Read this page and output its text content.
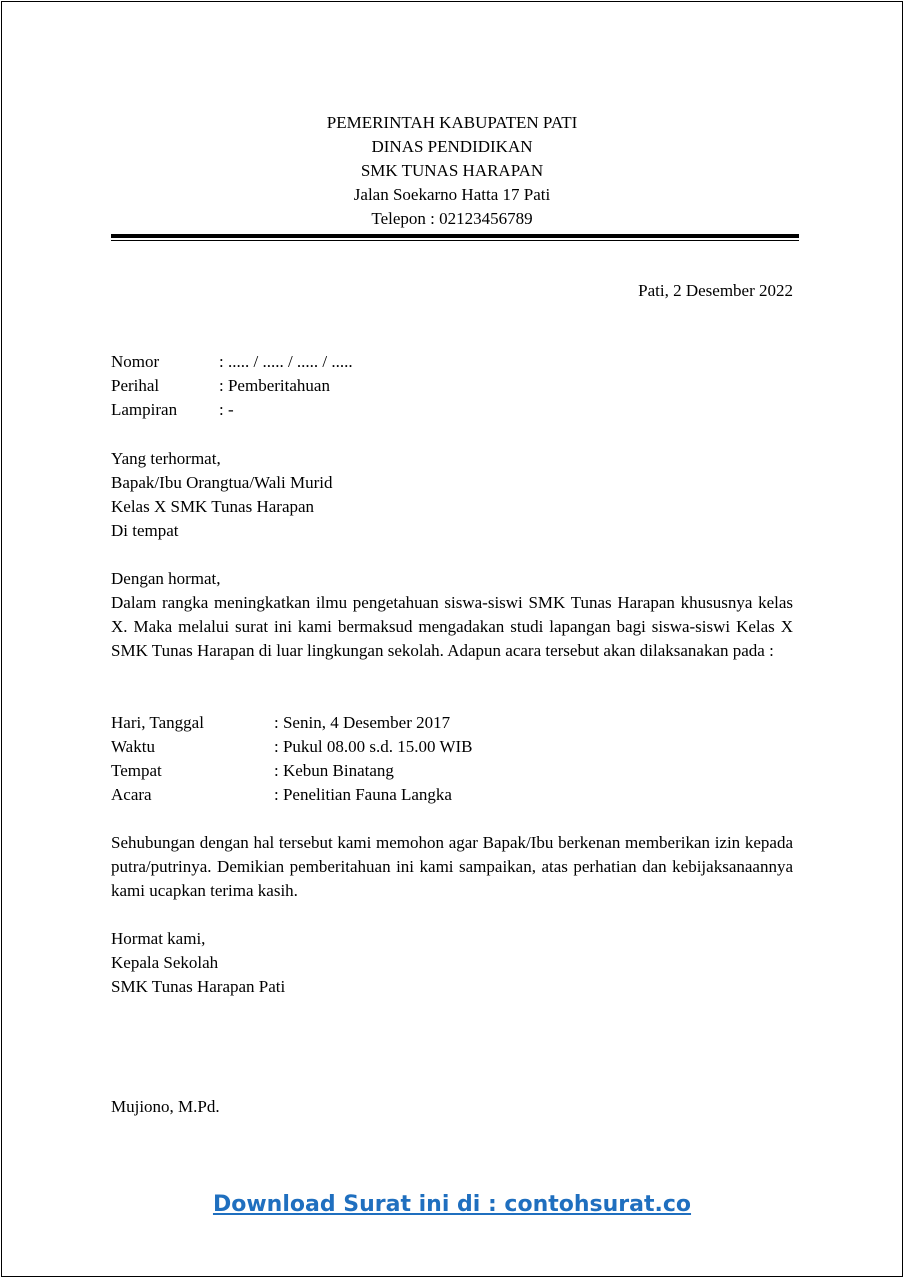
PEMERINTAH KABUPATEN PATI
DINAS PENDIDIKAN
SMK TUNAS HARAPAN
Jalan Soekarno Hatta 17 Pati
Telepon : 02123456789
Pati, 2 Desember 2022
Nomor	: ..... / ..... / ..... / .....
Perihal	: Pemberitahuan
Lampiran : -
Yang terhormat,
Bapak/Ibu Orangtua/Wali Murid
Kelas X SMK Tunas Harapan
Di tempat
Dengan hormat,
Dalam rangka meningkatkan ilmu pengetahuan siswa-siswi SMK Tunas Harapan khususnya kelas X. Maka melalui surat ini kami bermaksud mengadakan studi lapangan bagi siswa-siswi Kelas X SMK Tunas Harapan di luar lingkungan sekolah. Adapun acara tersebut akan dilaksanakan pada :
Hari, Tanggal	: Senin, 4 Desember 2017
Waktu	: Pukul 08.00 s.d. 15.00 WIB
Tempat	: Kebun Binatang
Acara	: Penelitian Fauna Langka
Sehubungan dengan hal tersebut kami memohon agar Bapak/Ibu berkenan memberikan izin kepada putra/putrinya. Demikian pemberitahuan ini kami sampaikan, atas perhatian dan kebijaksanaannya kami ucapkan terima kasih.
Hormat kami,
Kepala Sekolah
SMK Tunas Harapan Pati
Mujiono, M.Pd.
Download Surat ini di : contohsurat.co
